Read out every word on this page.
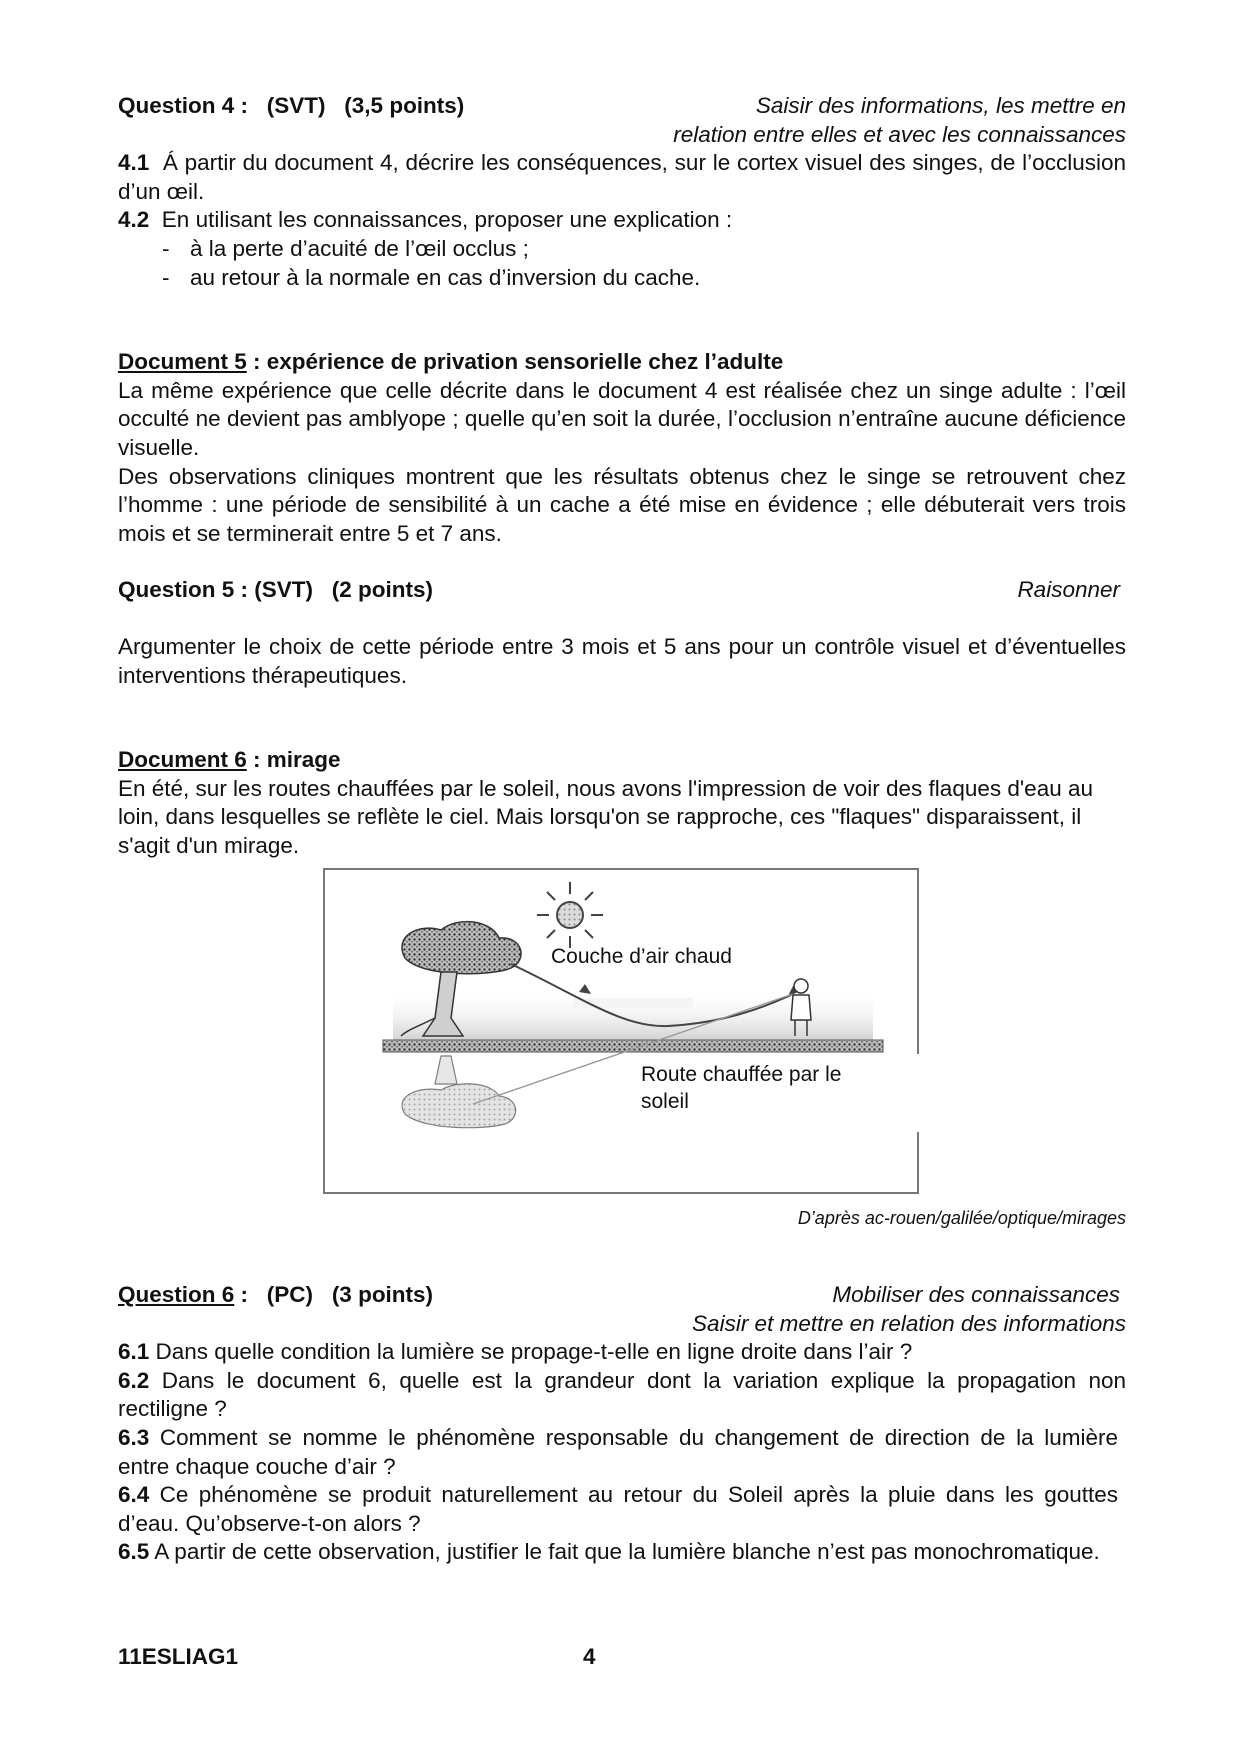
Question 4 : (SVT) (3,5 points)	Saisir des informations, les mettre en
relation entre elles et avec les connaissances
4.1 Á partir du document 4, décrire les conséquences, sur le cortex visuel des singes, de l’occlusion d’un œil.
4.2 En utilisant les connaissances, proposer une explication :
- à la perte d’acuité de l’œil occlus ;
- au retour à la normale en cas d’inversion du cache.
Document 5 : expérience de privation sensorielle chez l’adulte
La même expérience que celle décrite dans le document 4 est réalisée chez un singe adulte : l’œil occulté ne devient pas amblyope ; quelle qu’en soit la durée, l’occlusion n’entraîne aucune déficience visuelle.
Des observations cliniques montrent que les résultats obtenus chez le singe se retrouvent chez l’homme : une période de sensibilité à un cache a été mise en évidence ; elle débuterait vers trois mois et se terminerait entre 5 et 7 ans.
Question 5 : (SVT) (2 points)	Raisonner
Argumenter le choix de cette période entre 3 mois et 5 ans pour un contrôle visuel et d’éventuelles interventions thérapeutiques.
Document 6 : mirage
En été, sur les routes chauffées par le soleil, nous avons l'impression de voir des flaques d'eau au loin, dans lesquelles se reflète le ciel. Mais lorsqu'on se rapproche, ces "flaques" disparaissent, il s'agit d'un mirage.
Couche d’air chaud
Route chauffée par le
soleil
D’après ac-rouen/galilée/optique/mirages
Question 6 : (PC) (3 points)	Mobiliser des connaissances
Saisir et mettre en relation des informations
6.1 Dans quelle condition la lumière se propage-t-elle en ligne droite dans l’air ?
6.2 Dans le document 6, quelle est la grandeur dont la variation explique la propagation non rectiligne ?
6.3 Comment se nomme le phénomène responsable du changement de direction de la lumière entre chaque couche d’air ?
6.4 Ce phénomène se produit naturellement au retour du Soleil après la pluie dans les gouttes d’eau. Qu’observe-t-on alors ?
6.5 A partir de cette observation, justifier le fait que la lumière blanche n’est pas monochromatique.
11ESLIAG1	4
